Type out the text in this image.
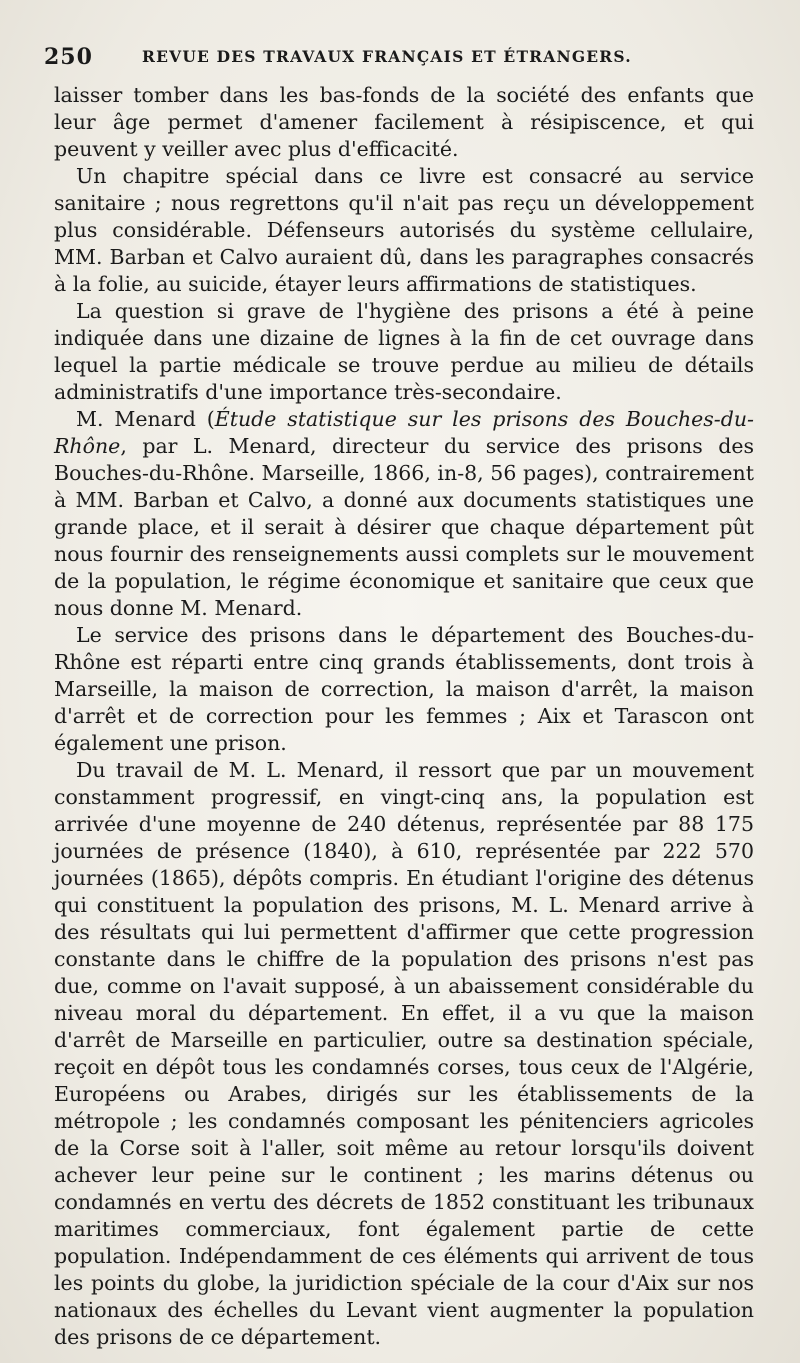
250	REVUE DES TRAVAUX FRANÇAIS ET ÉTRANGERS.

laisser tomber dans les bas-fonds de la société des enfants que leur âge permet d'amener facilement à résipiscence, et qui peuvent y veiller avec plus d'efficacité.

Un chapitre spécial dans ce livre est consacré au service sanitaire ; nous regrettons qu'il n'ait pas reçu un développement plus considérable. Défenseurs autorisés du système cellulaire, MM. Barban et Calvo auraient dû, dans les paragraphes consacrés à la folie, au suicide, étayer leurs affirmations de statistiques.

La question si grave de l'hygiène des prisons a été à peine indiquée dans une dizaine de lignes à la fin de cet ouvrage dans lequel la partie médicale se trouve perdue au milieu de détails administratifs d'une importance très-secondaire.

M. Menard (Étude statistique sur les prisons des Bouches-du-Rhône, par L. Menard, directeur du service des prisons des Bouches-du-Rhône. Marseille, 1866, in-8, 56 pages), contrairement à MM. Barban et Calvo, a donné aux documents statistiques une grande place, et il serait à désirer que chaque département pût nous fournir des renseignements aussi complets sur le mouvement de la population, le régime économique et sanitaire que ceux que nous donne M. Menard.

Le service des prisons dans le département des Bouches-du-Rhône est réparti entre cinq grands établissements, dont trois à Marseille, la maison de correction, la maison d'arrêt, la maison d'arrêt et de correction pour les femmes ; Aix et Tarascon ont également une prison.

Du travail de M. L. Menard, il ressort que par un mouvement constamment progressif, en vingt-cinq ans, la population est arrivée d'une moyenne de 240 détenus, représentée par 88 175 journées de présence (1840), à 610, représentée par 222 570 journées (1865), dépôts compris. En étudiant l'origine des détenus qui constituent la population des prisons, M. L. Menard arrive à des résultats qui lui permettent d'affirmer que cette progression constante dans le chiffre de la population des prisons n'est pas due, comme on l'avait supposé, à un abaissement considérable du niveau moral du département. En effet, il a vu que la maison d'arrêt de Marseille en particulier, outre sa destination spéciale, reçoit en dépôt tous les condamnés corses, tous ceux de l'Algérie, Européens ou Arabes, dirigés sur les établissements de la métropole ; les condamnés composant les pénitenciers agricoles de la Corse soit à l'aller, soit même au retour lorsqu'ils doivent achever leur peine sur le continent ; les marins détenus ou condamnés en vertu des décrets de 1852 constituant les tribunaux maritimes commerciaux, font également partie de cette population. Indépendamment de ces éléments qui arrivent de tous les points du globe, la juridiction spéciale de la cour d'Aix sur nos nationaux des échelles du Levant vient augmenter la population des prisons de ce département.
